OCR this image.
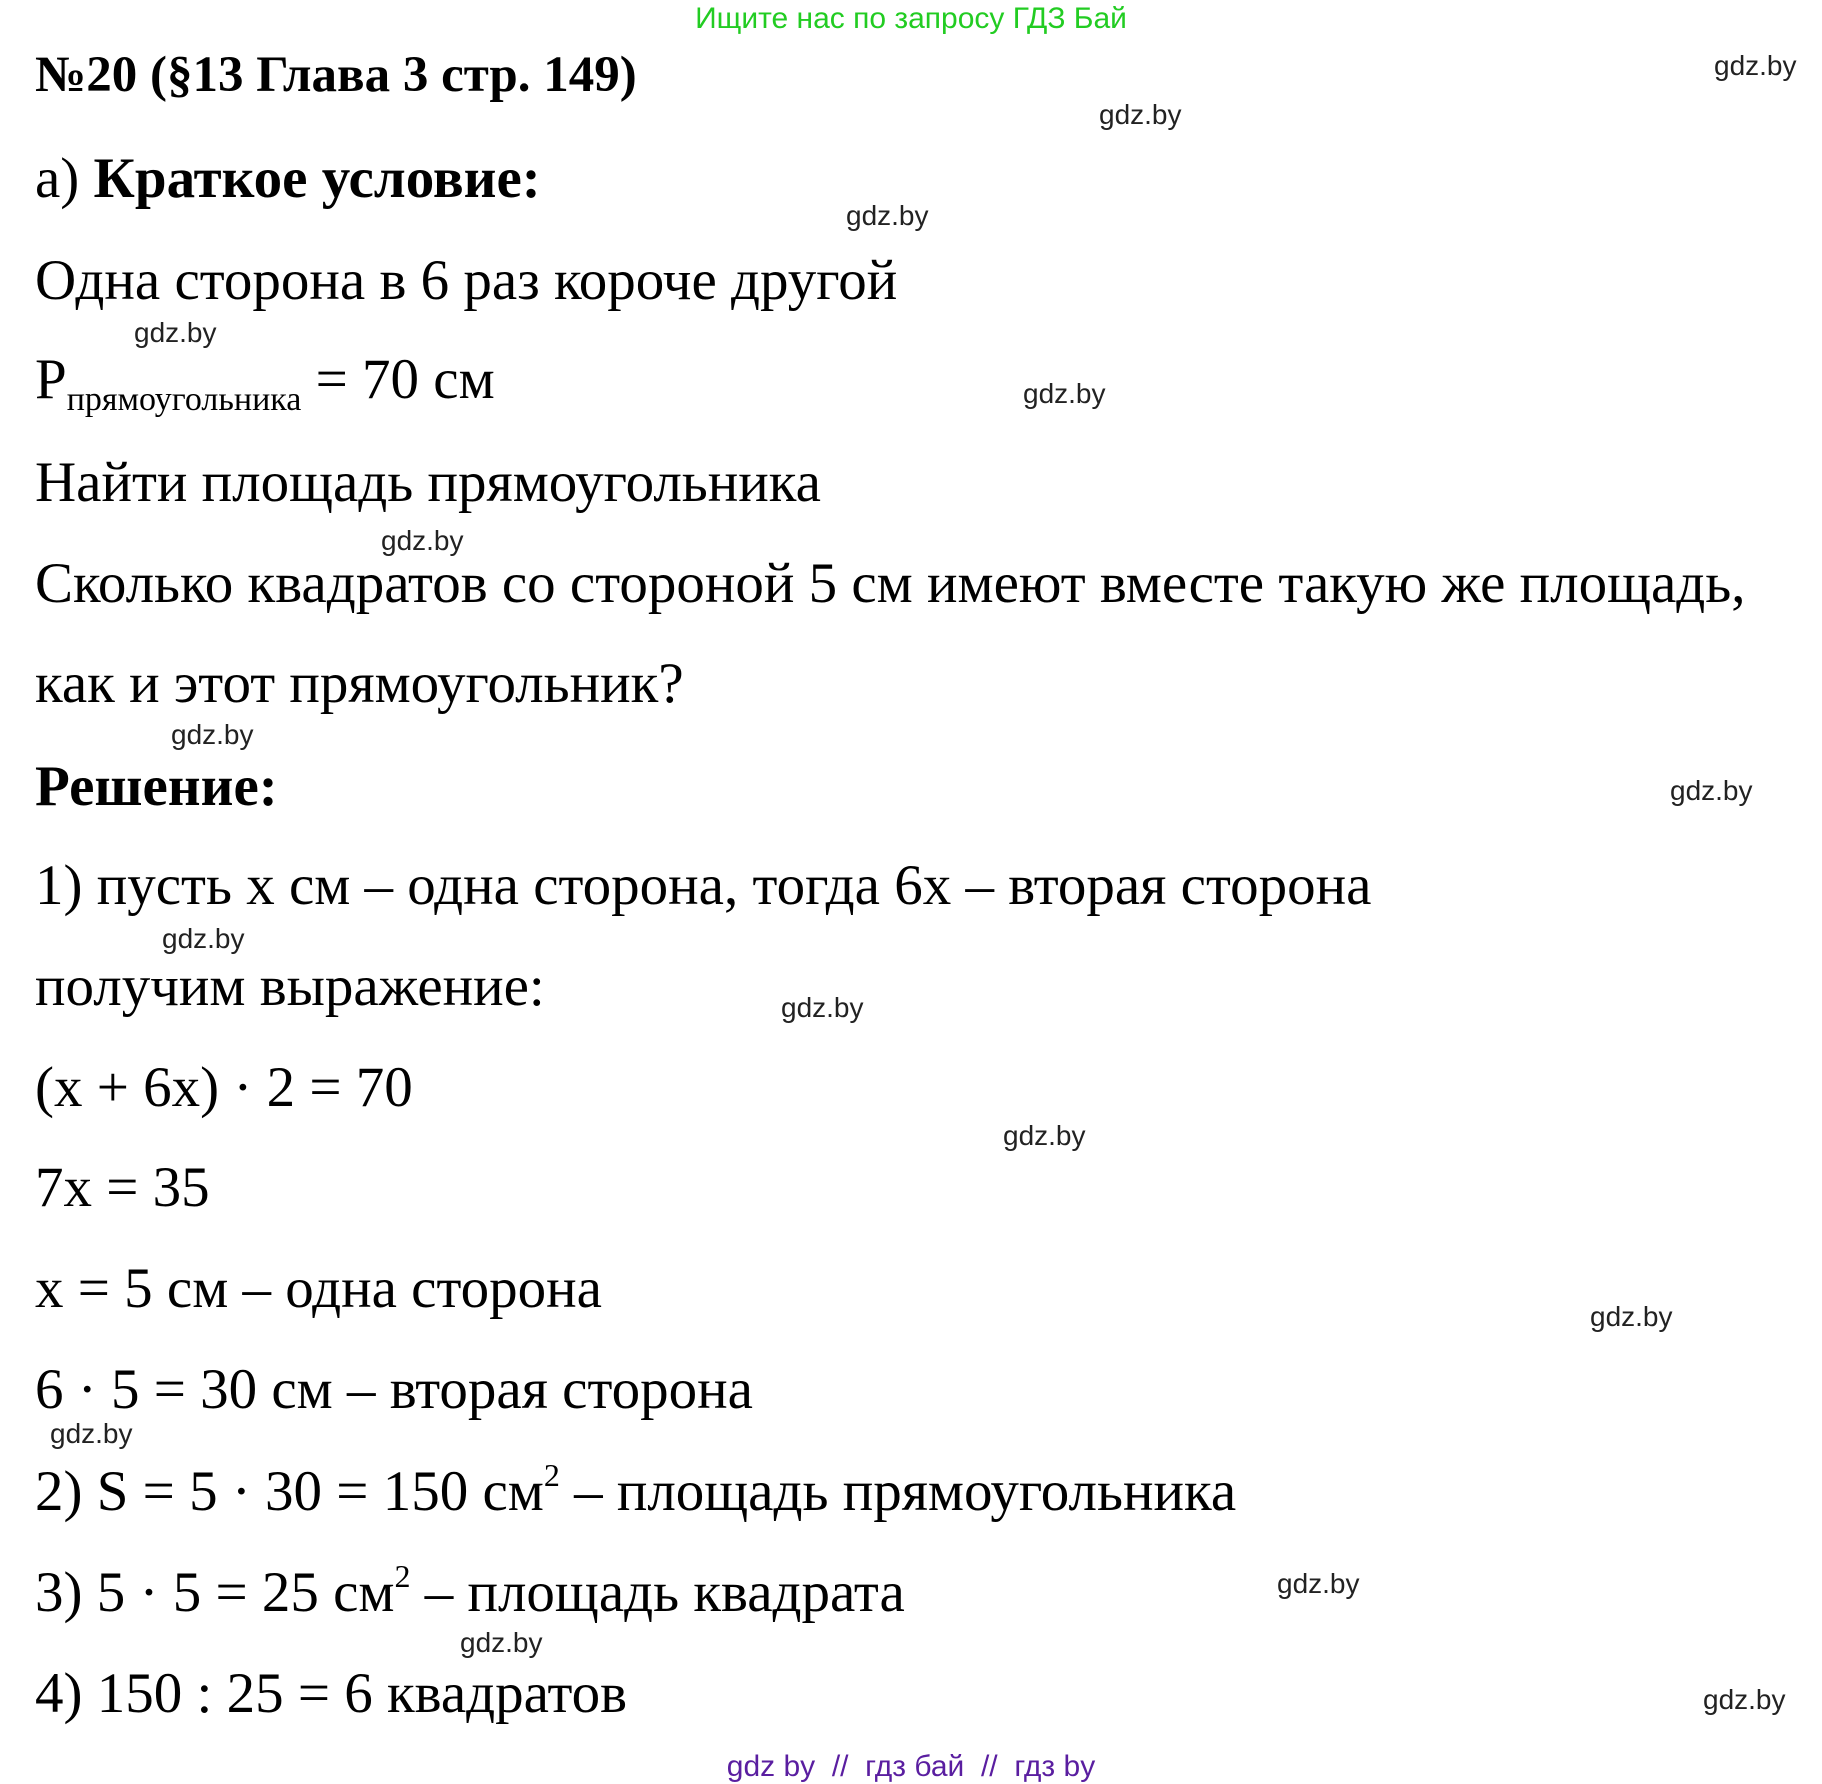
Ищите нас по запросу ГДЗ Бай
№20 (§13 Глава 3 стр. 149)
а) Краткое условие:
Одна сторона в 6 раз короче другой
$P_{прямоугольника} = 70$ см
Найти площадь прямоугольника
Сколько квадратов со стороной 5 см имеют вместе такую же площадь,
как и этот прямоугольник?
Решение:
1) пусть x см – одна сторона, тогда 6x – вторая сторона
получим выражение:
(x + 6x) · 2 = 70
7x = 35
x = 5 см – одна сторона
6 · 5 = 30 см – вторая сторона
2) S = 5 · 30 = 150 $см^2$ – площадь прямоугольника
3) 5 · 5 = 25 $см^2$ – площадь квадрата
4) 150 : 25 = 6 квадратов
gdz.by
gdz.by
gdz.by
gdz.by
gdz.by
gdz.by
gdz.by
gdz.by
gdz.by
gdz.by
gdz.by
gdz.by
gdz.by
gdz.by
gdz.by
gdz.by
gdz by  //  гдз бай  //  гдз by
